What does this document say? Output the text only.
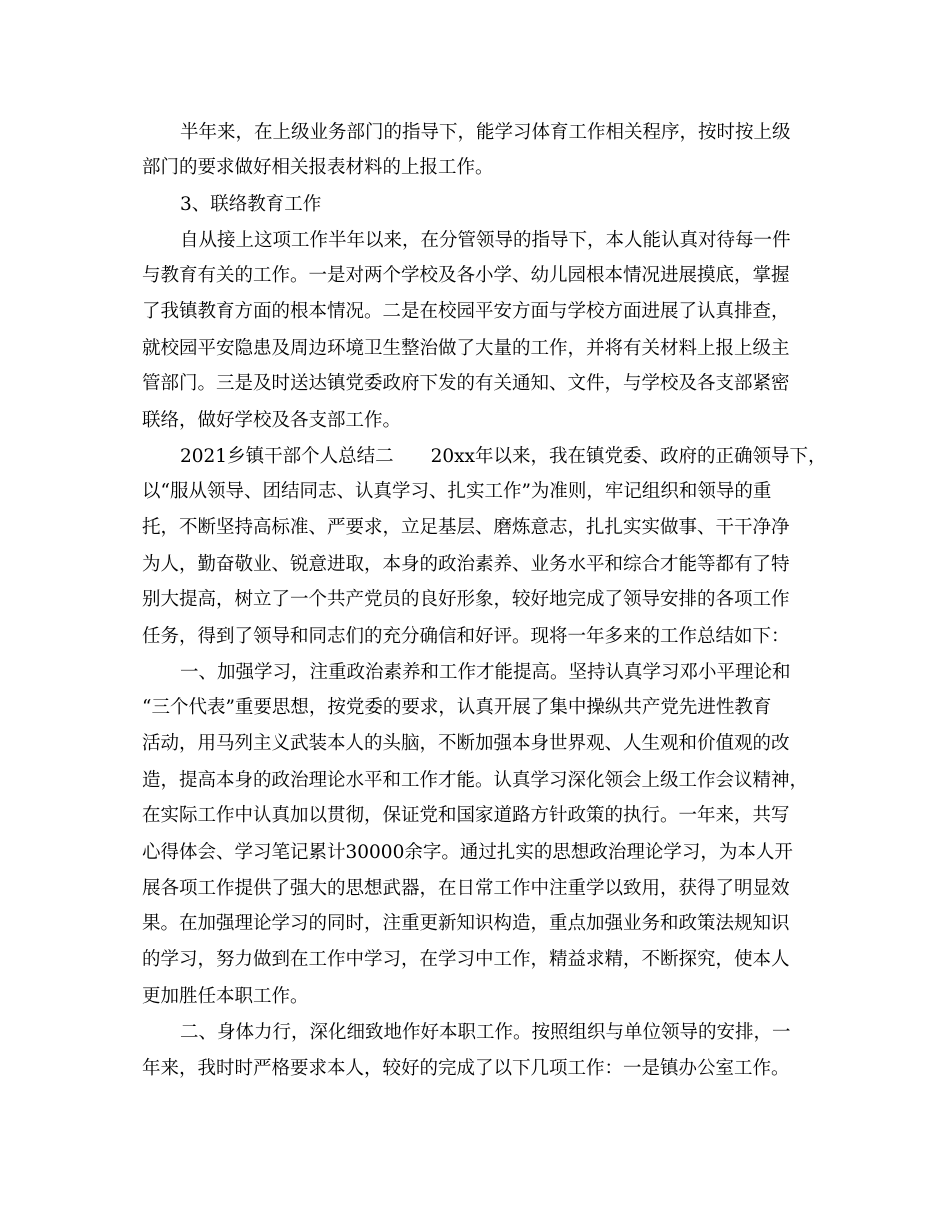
半年来，在上级业务部门的指导下，能学习体育工作相关程序，按时按上级
部门的要求做好相关报表材料的上报工作。
3、联络教育工作
自从接上这项工作半年以来，在分管领导的指导下，本人能认真对待每一件
与教育有关的工作。一是对两个学校及各小学、幼儿园根本情况进展摸底，掌握
了我镇教育方面的根本情况。二是在校园平安方面与学校方面进展了认真排查，
就校园平安隐患及周边环境卫生整治做了大量的工作，并将有关材料上报上级主
管部门。三是及时送达镇党委政府下发的有关通知、文件，与学校及各支部紧密
联络，做好学校及各支部工作。
2021乡镇干部个人总结二　　20xx年以来，我在镇党委、政府的正确领导下，
以“服从领导、团结同志、认真学习、扎实工作”为准则，牢记组织和领导的重
托，不断坚持高标准、严要求，立足基层、磨炼意志，扎扎实实做事、干干净净
为人，勤奋敬业、锐意进取，本身的政治素养、业务水平和综合才能等都有了特
别大提高，树立了一个共产党员的良好形象，较好地完成了领导安排的各项工作
任务，得到了领导和同志们的充分确信和好评。现将一年多来的工作总结如下：
一、加强学习，注重政治素养和工作才能提高。坚持认真学习邓小平理论和
“三个代表”重要思想，按党委的要求，认真开展了集中操纵共产党先进性教育
活动，用马列主义武装本人的头脑，不断加强本身世界观、人生观和价值观的改
造，提高本身的政治理论水平和工作才能。认真学习深化领会上级工作会议精神，
在实际工作中认真加以贯彻，保证党和国家道路方针政策的执行。一年来，共写
心得体会、学习笔记累计30000余字。通过扎实的思想政治理论学习，为本人开
展各项工作提供了强大的思想武器，在日常工作中注重学以致用，获得了明显效
果。在加强理论学习的同时，注重更新知识构造，重点加强业务和政策法规知识
的学习，努力做到在工作中学习，在学习中工作，精益求精，不断探究，使本人
更加胜任本职工作。
二、身体力行，深化细致地作好本职工作。按照组织与单位领导的安排，一
年来，我时时严格要求本人，较好的完成了以下几项工作：一是镇办公室工作。
